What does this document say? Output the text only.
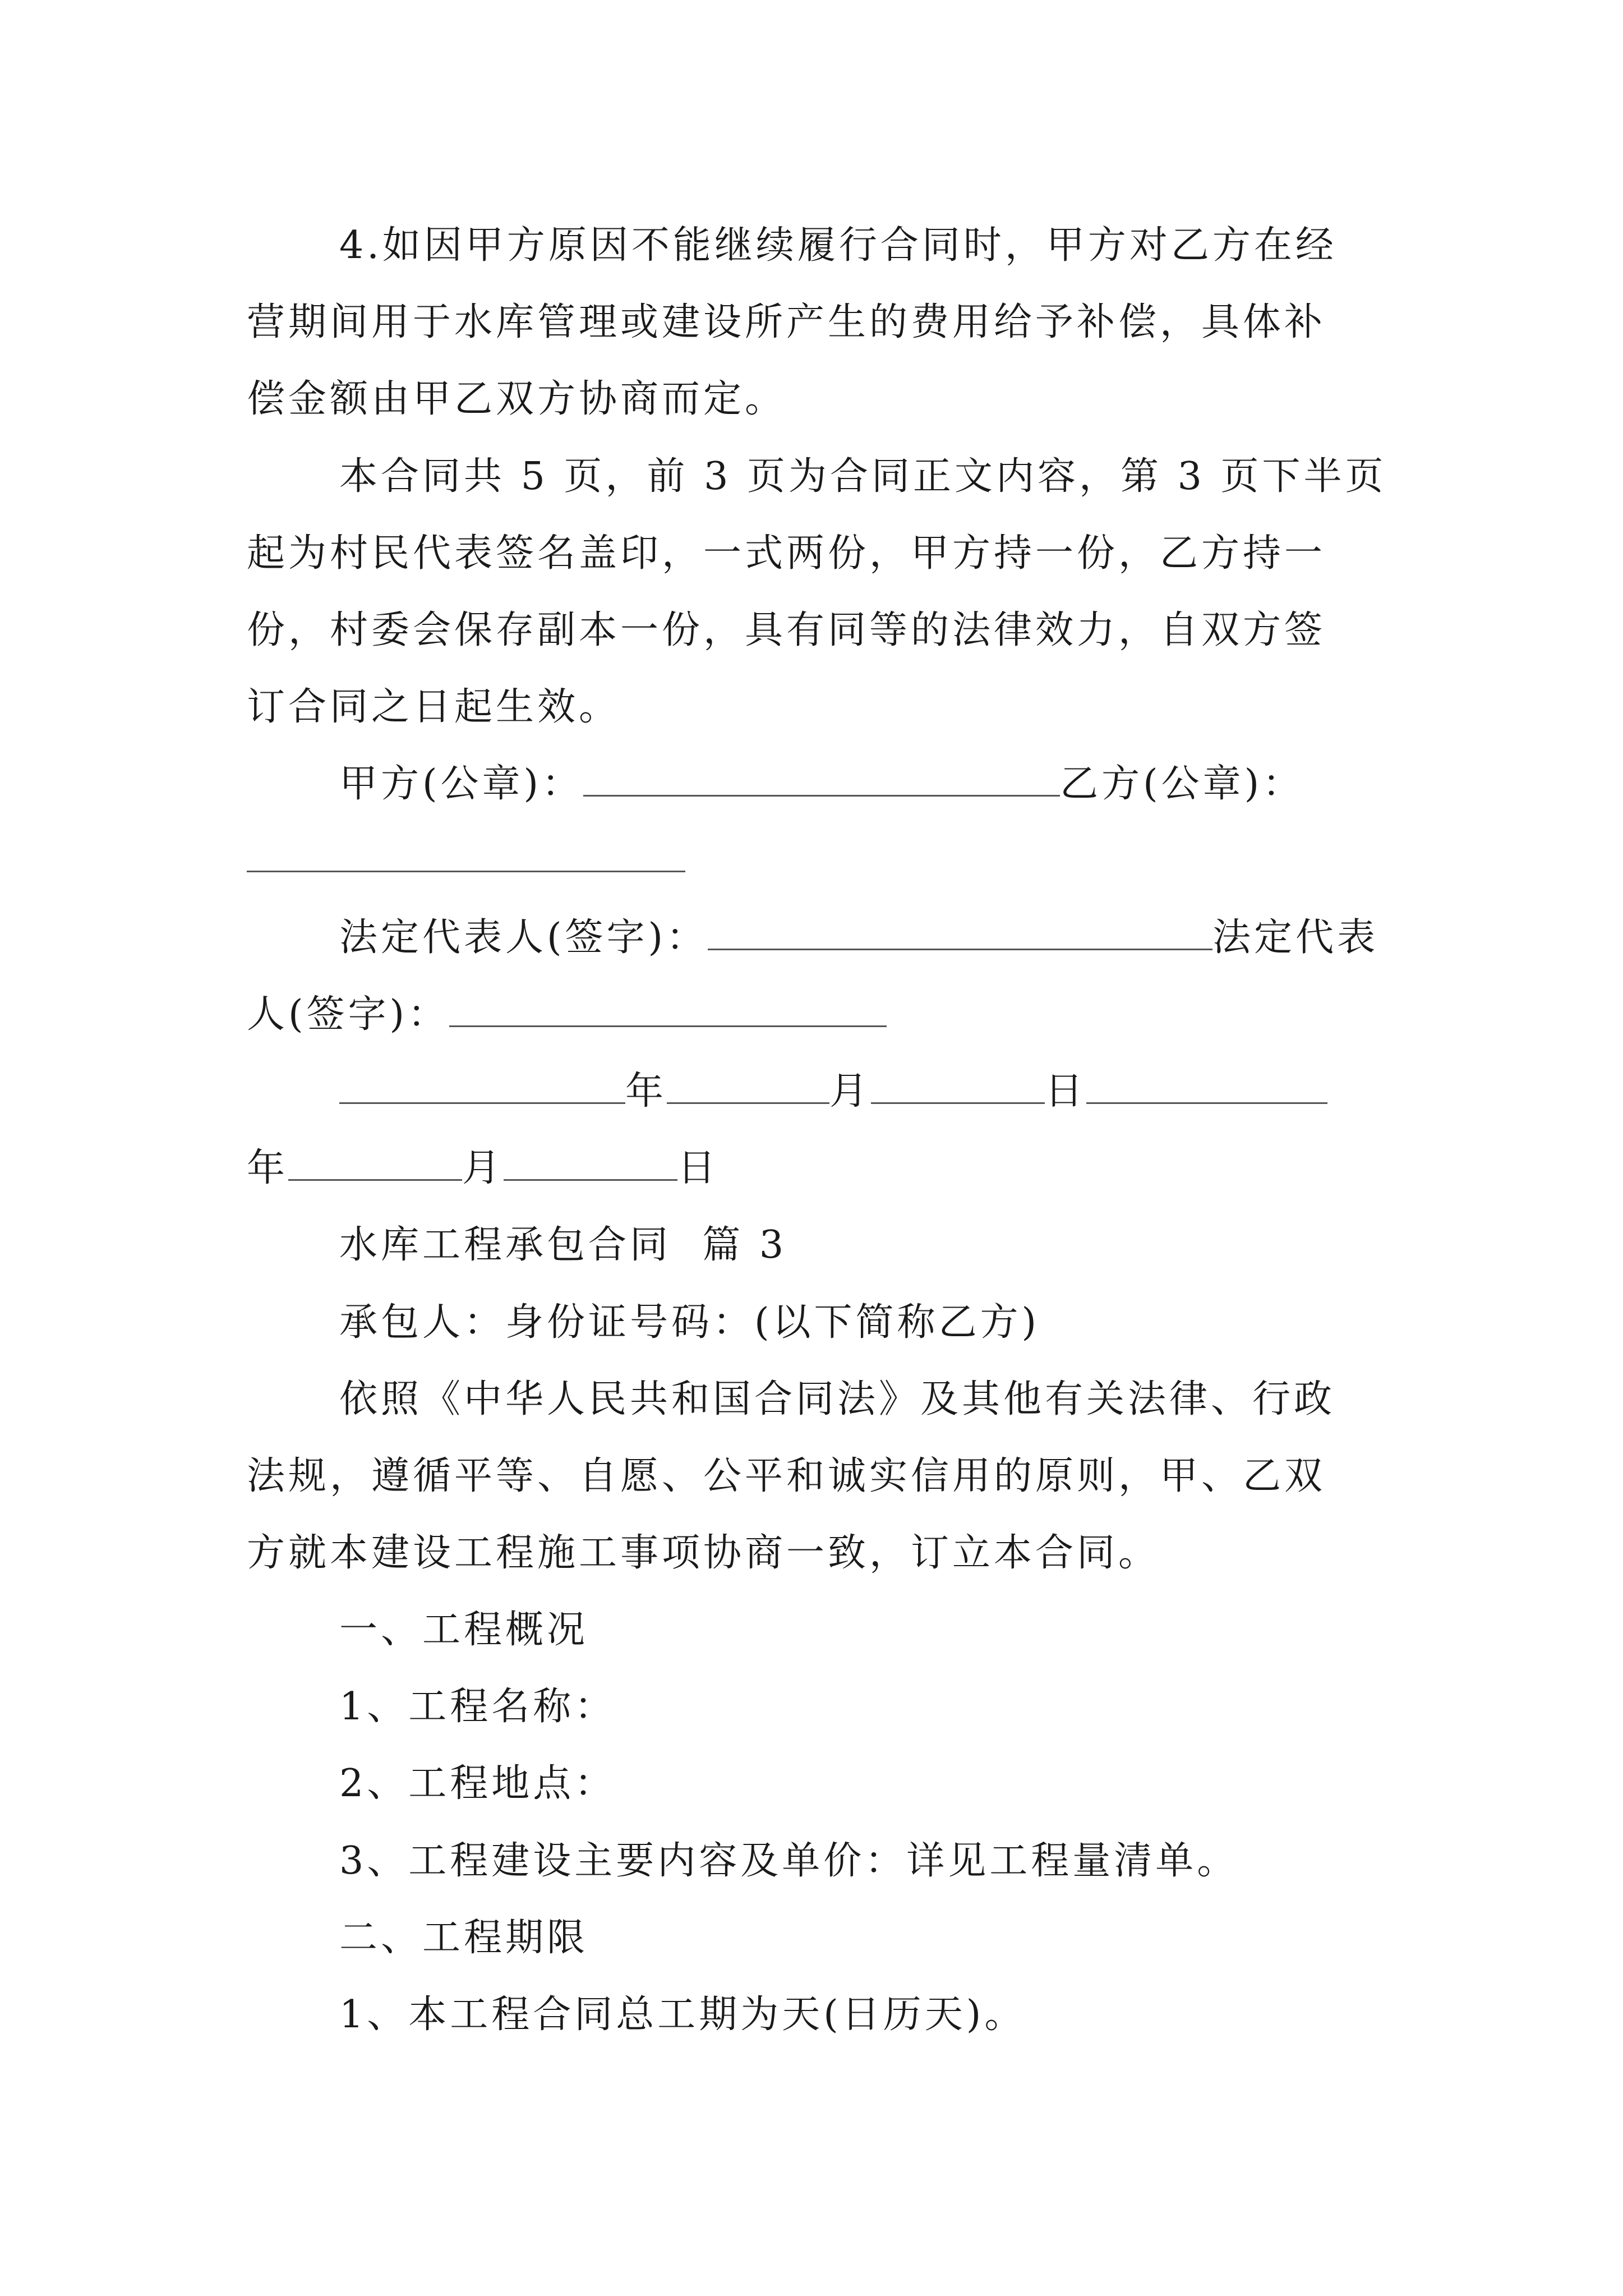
4.如因甲方原因不能继续履行合同时，甲方对乙方在经
营期间用于水库管理或建设所产生的费用给予补偿，具体补
偿金额由甲乙双方协商而定。
本合同共 5 页，前 3 页为合同正文内容，第 3 页下半页
起为村民代表签名盖印，一式两份，甲方持一份，乙方持一
份，村委会保存副本一份，具有同等的法律效力，自双方签
订合同之日起生效。
甲方(公章)：	乙方(公章)：
法定代表人(签字)：	法定代表
人(签字)：
年	月	日
年	月	日
水库工程承包合同  篇 3
承包人：身份证号码：(以下简称乙方)
依照《中华人民共和国合同法》及其他有关法律、行政
法规，遵循平等、自愿、公平和诚实信用的原则，甲、乙双
方就本建设工程施工事项协商一致，订立本合同。
一、工程概况
1、工程名称：
2、工程地点：
3、工程建设主要内容及单价：详见工程量清单。
二、工程期限
1、本工程合同总工期为天(日历天)。
